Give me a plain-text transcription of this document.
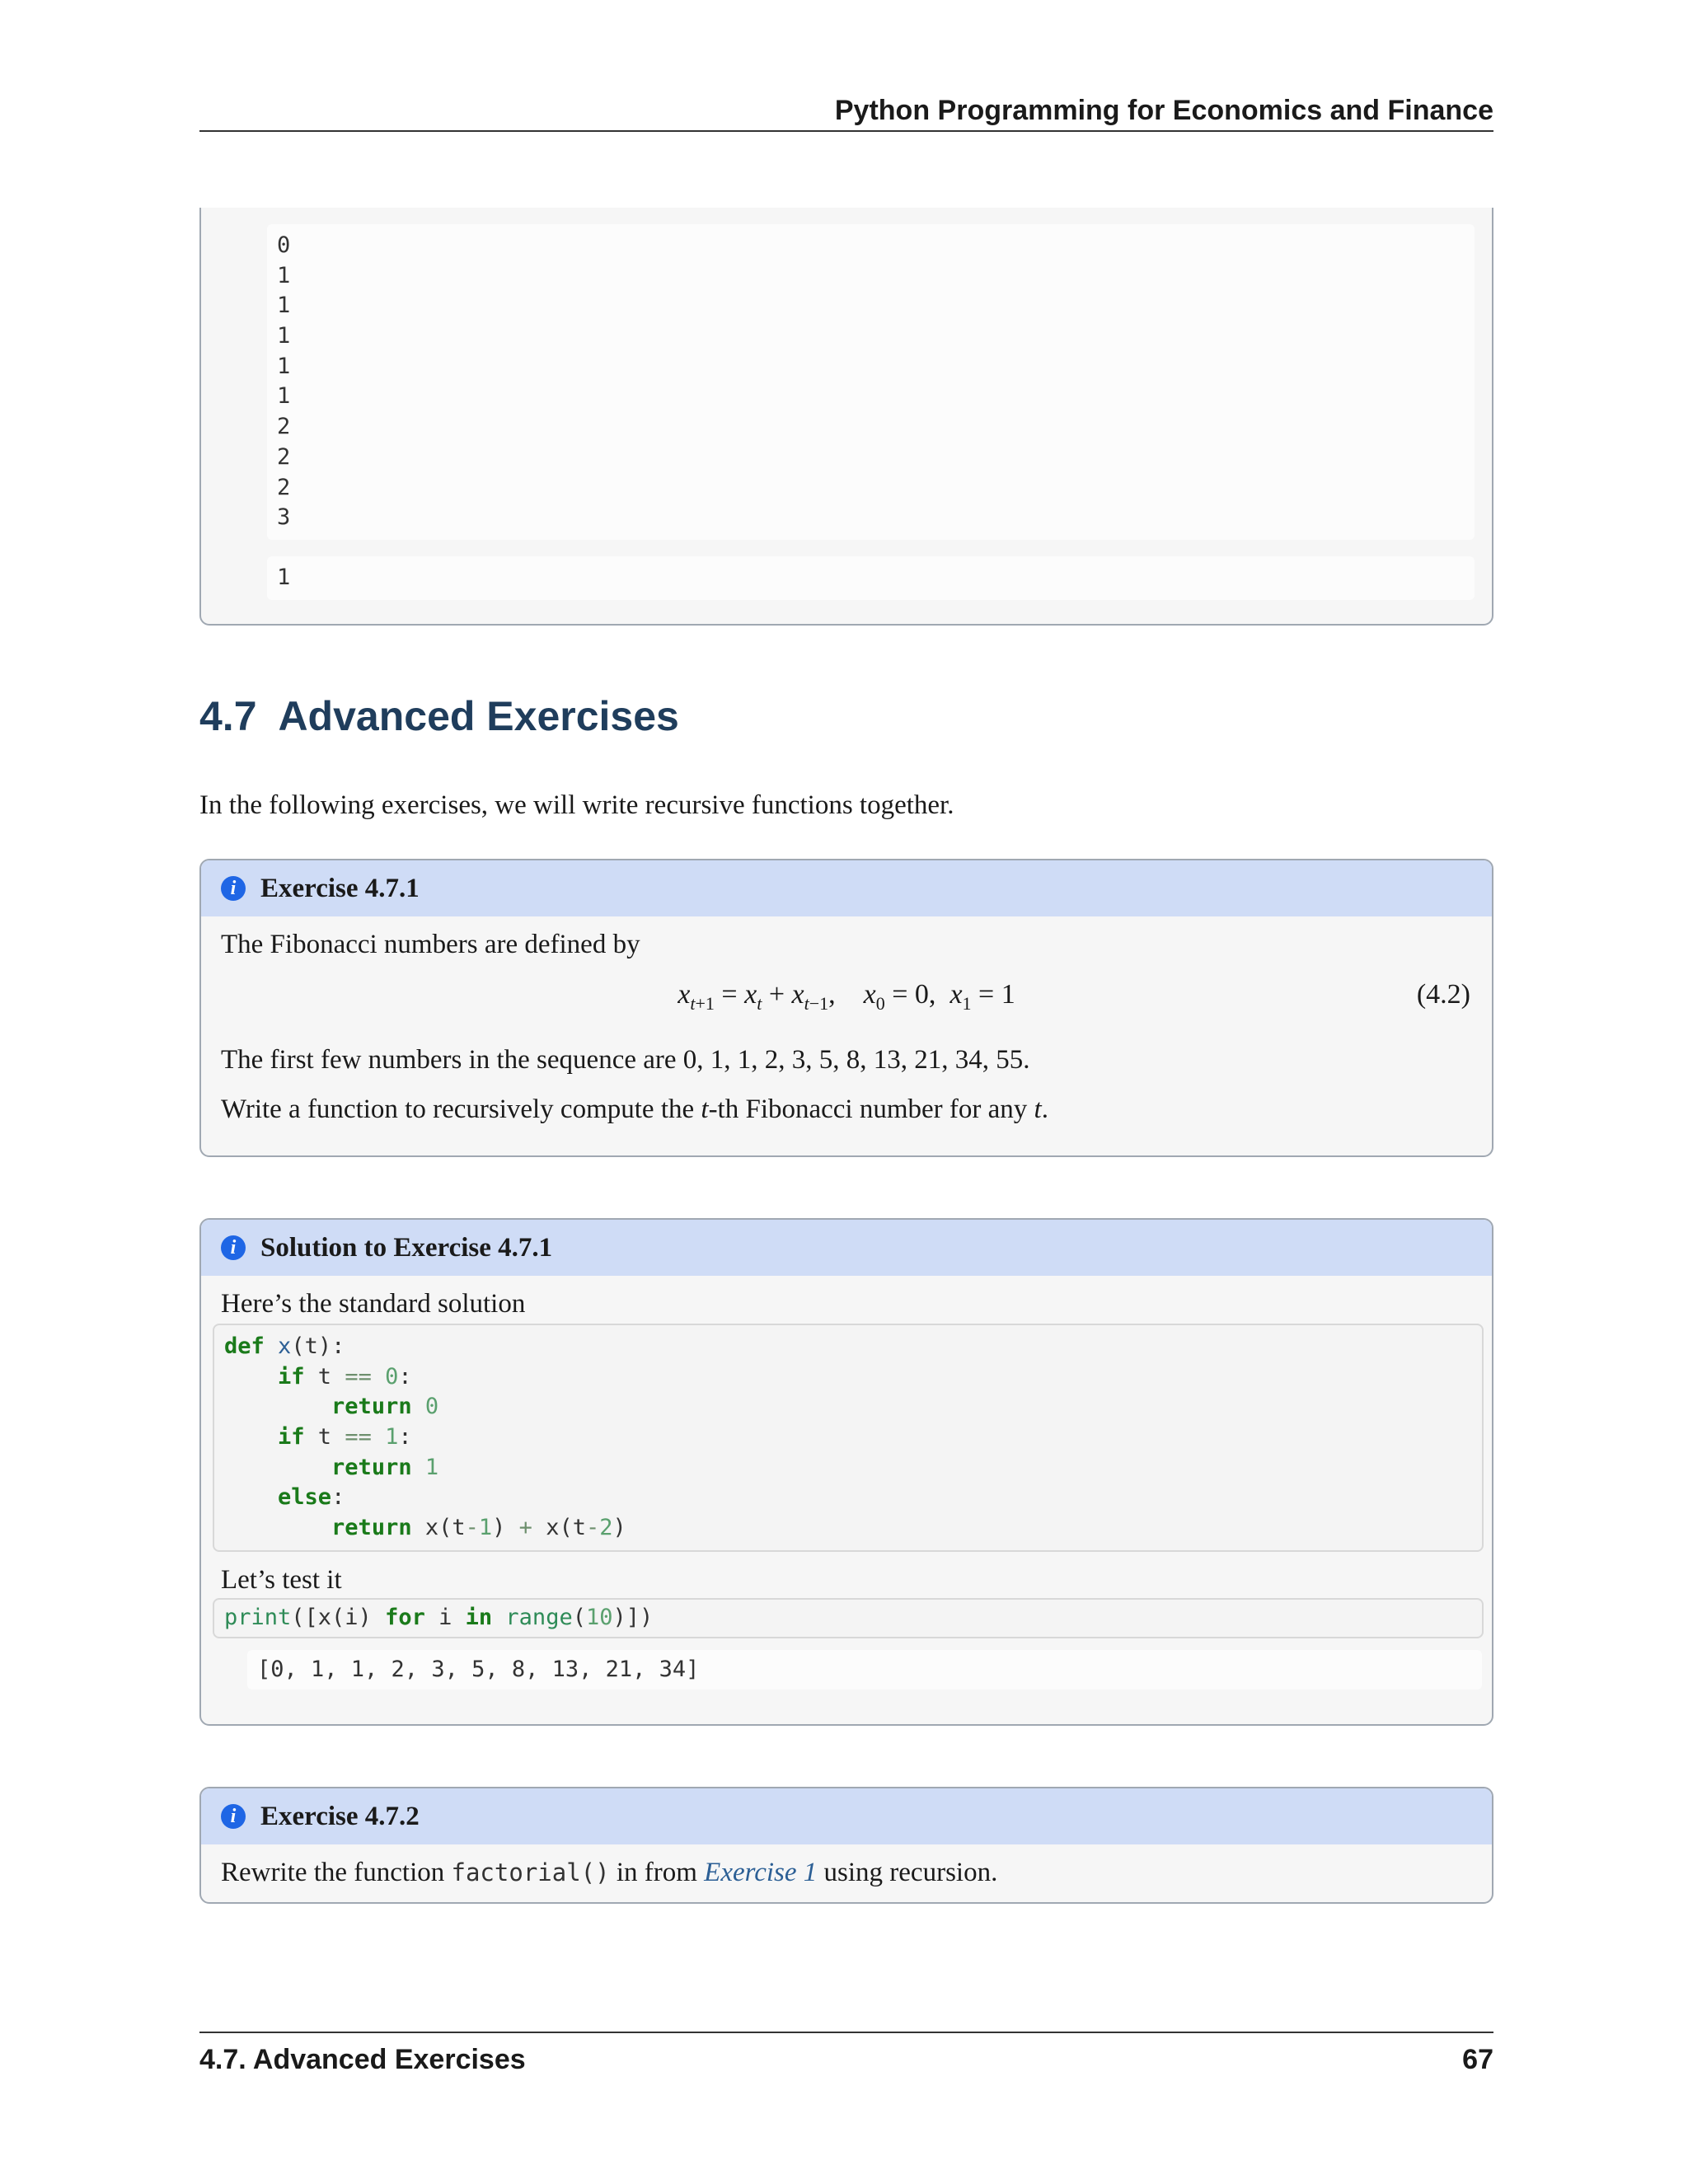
Python Programming for Economics and Finance
0
1
1
1
1
1
2
2
2
3
1
4.7 Advanced Exercises

In the following exercises, we will write recursive functions together.

i Exercise 4.7.1

The Fibonacci numbers are defined by

$x_{t+1} = x_t + x_{t-1}$,    $x_0 = 0$,  $x_1 = 1$	(4.2)

The first few numbers in the sequence are 0, 1, 1, 2, 3, 5, 8, 13, 21, 34, 55.

Write a function to recursively compute the t-th Fibonacci number for any t.

i Solution to Exercise 4.7.1

Here’s the standard solution

def x(t):
if t == 0:
return 0
if t == 1:
return 1
else:
return x(t-1) + x(t-2)

Let’s test it

print([x(i) for i in range(10)])
[0, 1, 1, 2, 3, 5, 8, 13, 21, 34]
i Exercise 4.7.2

Rewrite the function factorial() in from Exercise 1 using recursion.

4.7. Advanced Exercises	67
